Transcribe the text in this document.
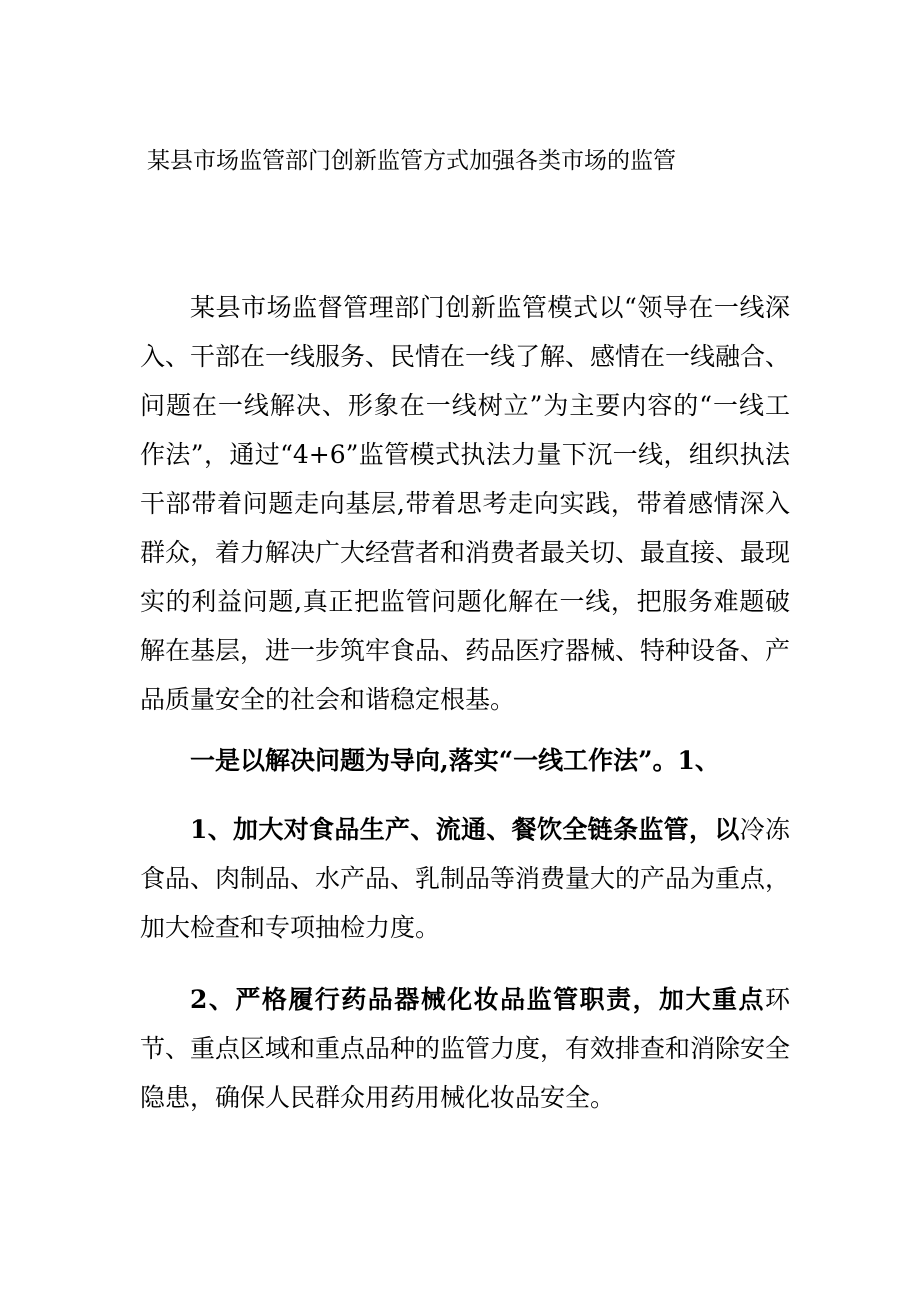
某县市场监管部门创新监管方式加强各类市场的监管

某县市场监督管理部门创新监管模式以“领导在一线深入、干部在一线服务、民情在一线了解、感情在一线融合、问题在一线解决、形象在一线树立”为主要内容的“一线工作法”，通过“4+6”监管模式执法力量下沉一线，组织执法干部带着问题走向基层,带着思考走向实践，带着感情深入群众，着力解决广大经营者和消费者最关切、最直接、最现实的利益问题,真正把监管问题化解在一线，把服务难题破解在基层，进一步筑牢食品、药品医疗器械、特种设备、产品质量安全的社会和谐稳定根基。

一是以解决问题为导向,落实“一线工作法”。1、

1、加大对食品生产、流通、餐饮全链条监管，以冷冻食品、肉制品、水产品、乳制品等消费量大的产品为重点，加大检查和专项抽检力度。

2、严格履行药品器械化妆品监管职责，加大重点环节、重点区域和重点品种的监管力度，有效排查和消除安全隐患，确保人民群众用药用械化妆品安全。
